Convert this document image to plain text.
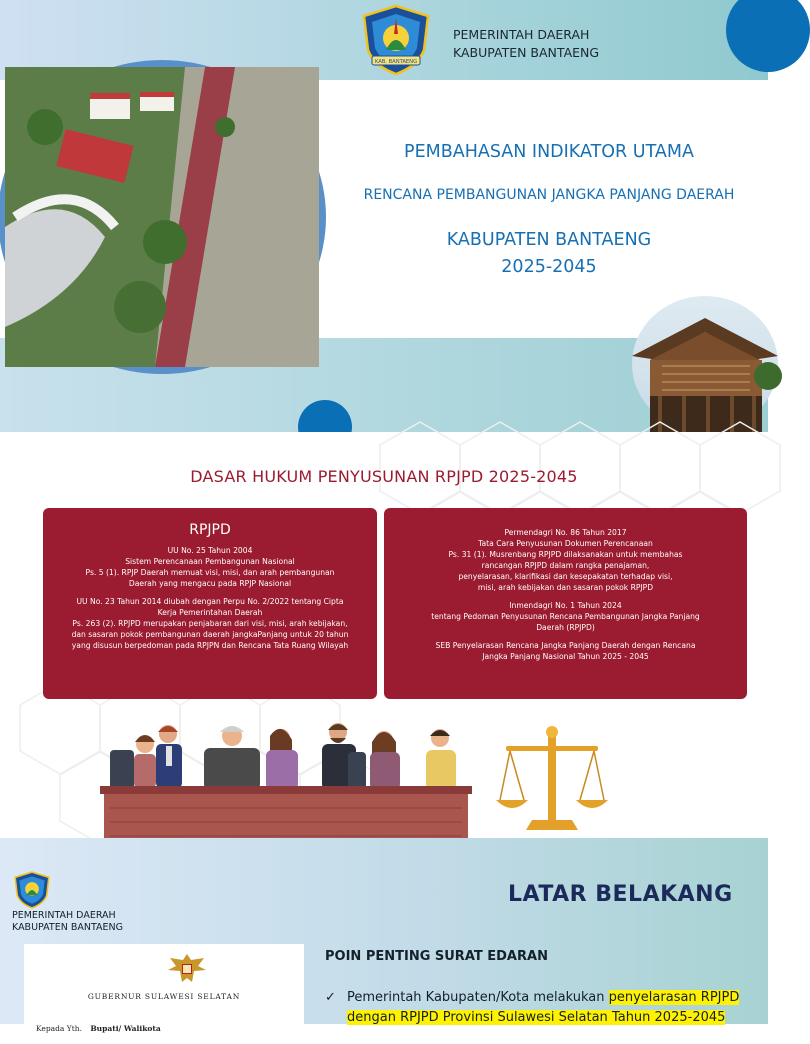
KAB. BANTAENG
PEMERINTAH DAERAH
KABUPATEN BANTAENG
PEMBAHASAN INDIKATOR UTAMA
RENCANA PEMBANGUNAN JANGKA PANJANG DAERAH
KABUPATEN BANTAENG
2025-2045
DASAR HUKUM PENYUSUNAN RPJPD 2025-2045
RPJPD

UU No. 25 Tahun 2004

Sistem Perencanaan Pembangunan Nasional

Ps. 5 (1). RPJP Daerah memuat visi, misi, dan arah pembangunan

Daerah yang mengacu pada RPJP Nasional

UU No. 23 Tahun 2014 diubah dengan Perpu No. 2/2022 tentang Cipta

Kerja Pemerintahan Daerah

Ps. 263 (2). RPJPD merupakan penjabaran dari visi, misi, arah kebijakan,

dan sasaran pokok pembangunan daerah jangkaPanjang untuk 20 tahun

yang disusun berpedoman pada RPJPN dan Rencana Tata Ruang Wilayah

Permendagri No. 86 Tahun 2017

Tata Cara Penyusunan Dokumen Perencanaan

Ps. 31 (1). Musrenbang RPJPD dilaksanakan untuk membahas

rancangan RPJPD dalam rangka penajaman,

penyelarasan, klarifikasi dan kesepakatan terhadap visi,

misi, arah kebijakan dan sasaran pokok RPJPD

Inmendagri No. 1 Tahun 2024

tentang Pedoman Penyusunan Rencana Pembangunan Jangka Panjang

Daerah (RPJPD)

SEB Penyelarasan Rencana Jangka Panjang Daerah dengan Rencana

Jangka Panjang Nasional Tahun 2025 - 2045

PEMERINTAH DAERAH
KABUPATEN BANTAENG
LATAR BELAKANG
GUBERNUR SULAWESI SELATAN
Kepada Yth. Bupati/ Walikota
POIN PENTING SURAT EDARAN
✓ Pemerintah Kabupaten/Kota melakukan penyelarasan RPJPD dengan RPJPD Provinsi Sulawesi Selatan Tahun 2025-2045
